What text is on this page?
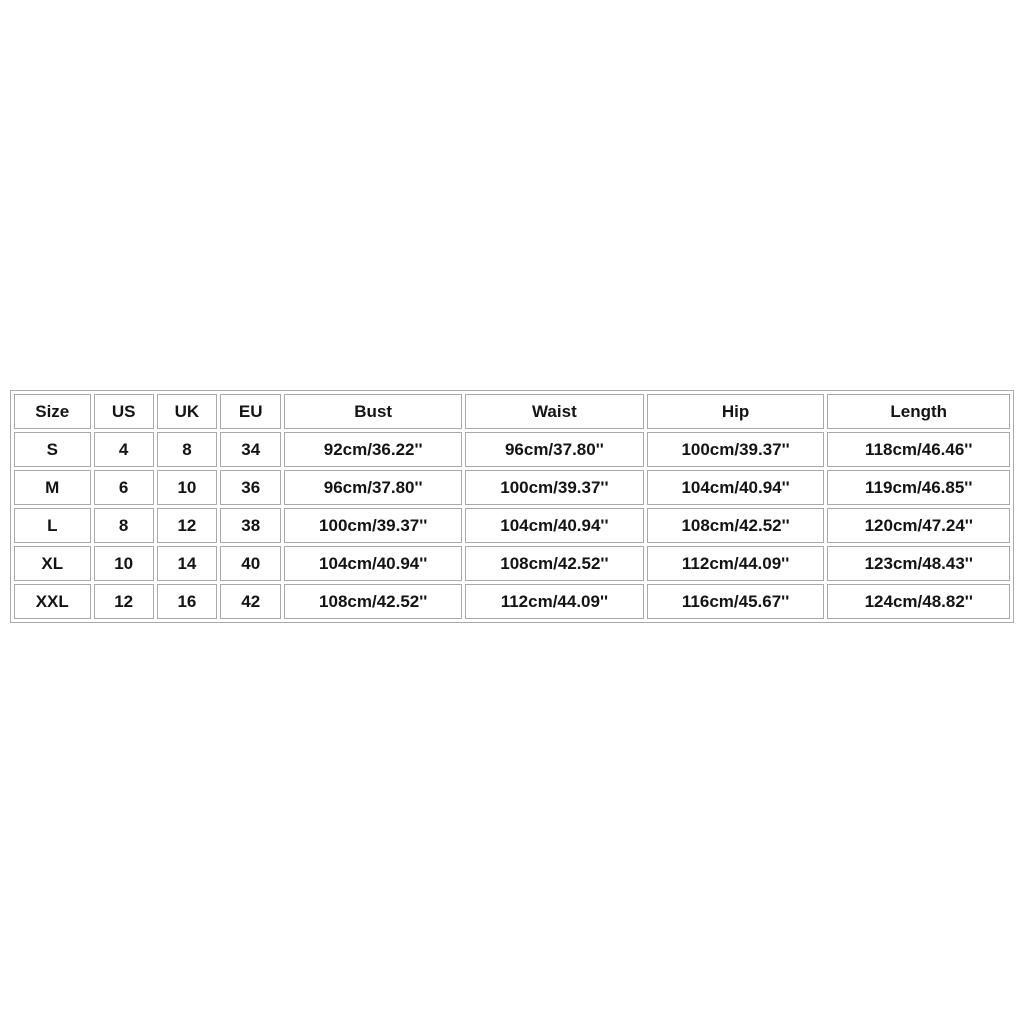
Size	US	UK	EU	Bust	Waist	Hip	Length
S	4	8	34	92cm/36.22''	96cm/37.80''	100cm/39.37''	118cm/46.46''
M	6	10	36	96cm/37.80''	100cm/39.37''	104cm/40.94''	119cm/46.85''
L	8	12	38	100cm/39.37''	104cm/40.94''	108cm/42.52''	120cm/47.24''
XL	10	14	40	104cm/40.94''	108cm/42.52''	112cm/44.09''	123cm/48.43''
XXL	12	16	42	108cm/42.52''	112cm/44.09''	116cm/45.67''	124cm/48.82''
